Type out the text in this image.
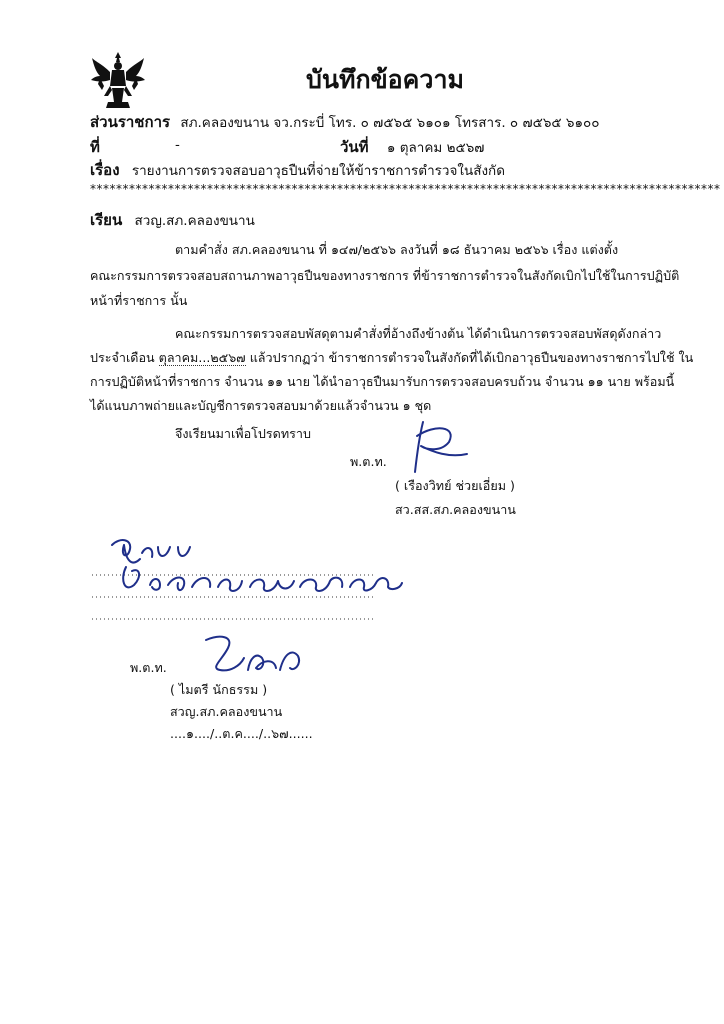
บันทึกข้อความ
ส่วนราชการ สภ.คลองขนาน จว.กระบี่ โทร. ๐ ๗๕๖๕ ๖๑๐๑ โทรสาร. ๐ ๗๕๖๕ ๖๑๐๐
ที่	-	วันที่ ๑ ตุลาคม ๒๕๖๗
เรื่อง รายงานการตรวจสอบอาวุธปืนที่จ่ายให้ข้าราชการตำรวจในสังกัด
*************************************************************************************************
เรียน สวญ.สภ.คลองขนาน
ตามคำสั่ง สภ.คลองขนาน ที่ ๑๔๗/๒๕๖๖ ลงวันที่ ๑๘ ธันวาคม ๒๕๖๖ เรื่อง แต่งตั้ง
คณะกรรมการตรวจสอบสถานภาพอาวุธปืนของทางราชการ ที่ข้าราชการตำรวจในสังกัดเบิกไปใช้ในการปฏิบัติ
หน้าที่ราชการ นั้น
คณะกรรมการตรวจสอบพัสดุตามคำสั่งที่อ้างถึงข้างต้น ได้ดำเนินการตรวจสอบพัสดุดังกล่าว
ประจำเดือน ตุลาคม...๒๕๖๗ แล้วปรากฏว่า ข้าราชการตำรวจในสังกัดที่ได้เบิกอาวุธปืนของทางราชการไปใช้ ใน
การปฏิบัติหน้าที่ราชการ จำนวน ๑๑ นาย ได้นำอาวุธปืนมารับการตรวจสอบครบถ้วน จำนวน ๑๑ นาย พร้อมนี้
ได้แนบภาพถ่ายและบัญชีการตรวจสอบมาด้วยแล้วจำนวน ๑ ชุด
จึงเรียนมาเพื่อโปรดทราบ
พ.ต.ท.
( เรืองวิทย์ ช่วยเอี่ยม )
สว.สส.สภ.คลองขนาน
พ.ต.ท.
( ไมตรี นักธรรม )
สวญ.สภ.คลองขนาน
....๑..../..ต.ค..../..๖๗......
